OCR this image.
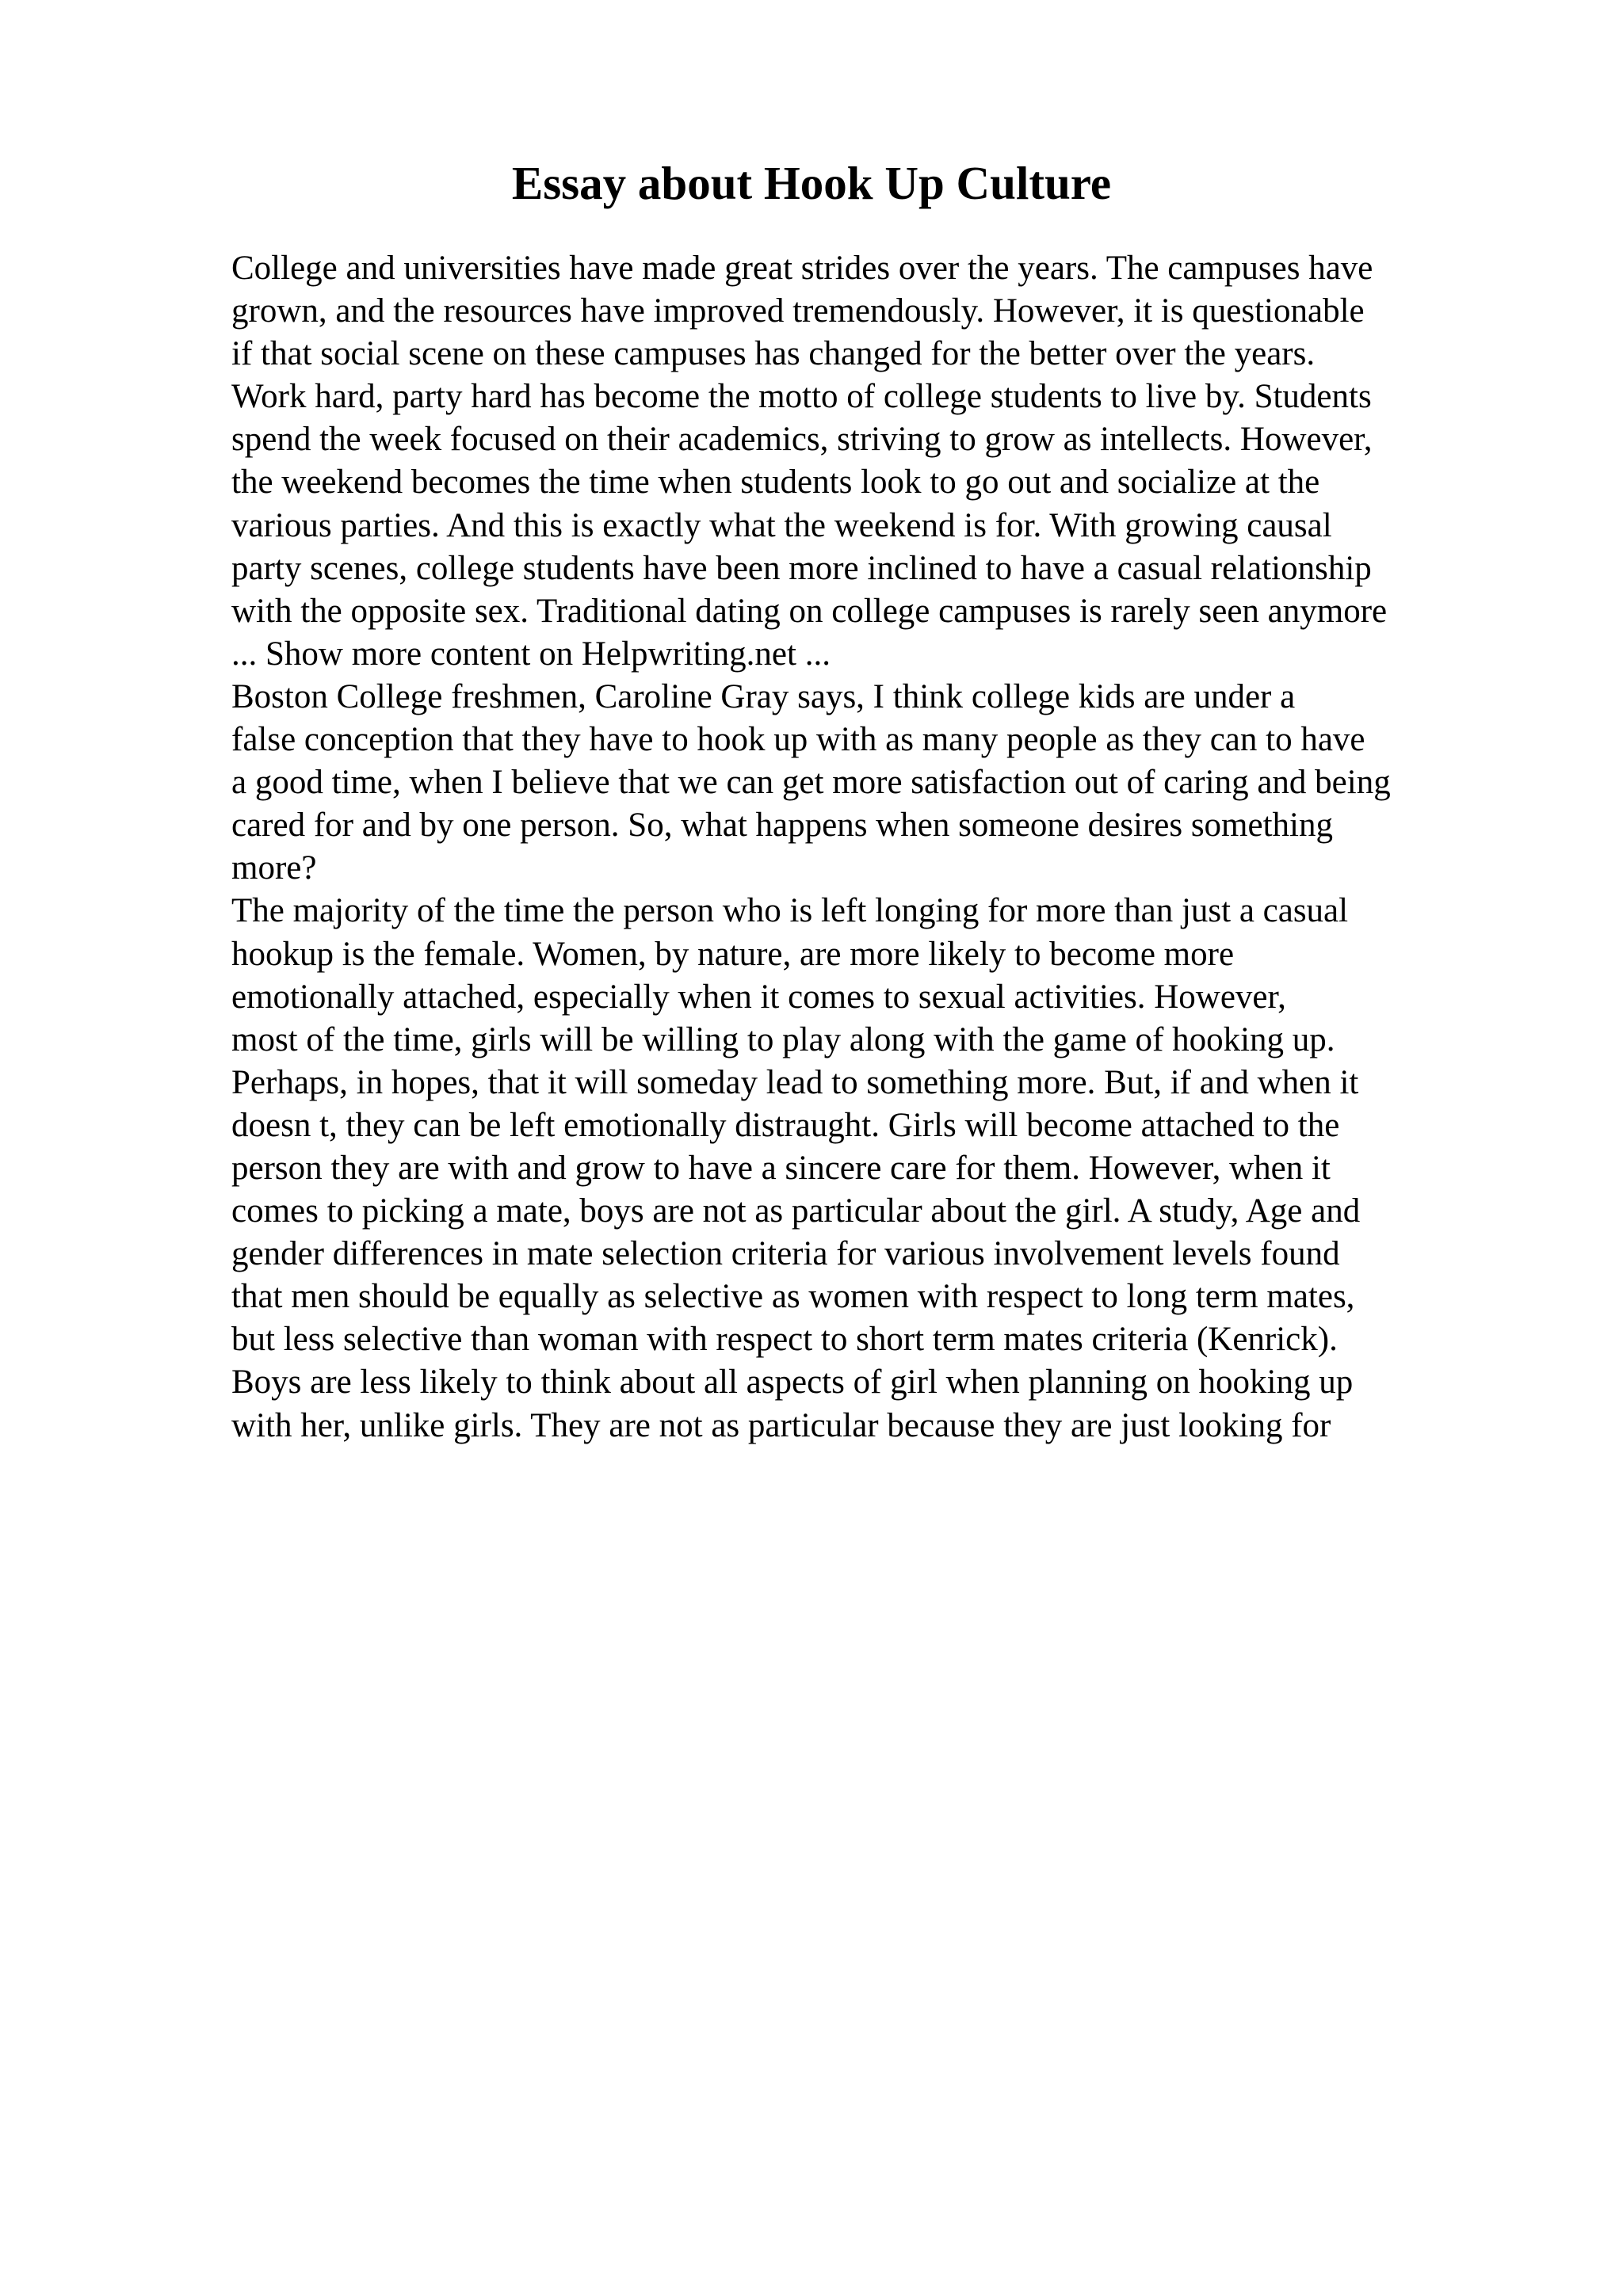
Essay about Hook Up Culture
College and universities have made great strides over the years. The campuses have
grown, and the resources have improved tremendously. However, it is questionable
if that social scene on these campuses has changed for the better over the years.
Work hard, party hard has become the motto of college students to live by. Students
spend the week focused on their academics, striving to grow as intellects. However,
the weekend becomes the time when students look to go out and socialize at the
various parties. And this is exactly what the weekend is for. With growing causal
party scenes, college students have been more inclined to have a casual relationship
with the opposite sex. Traditional dating on college campuses is rarely seen anymore
... Show more content on Helpwriting.net ...
Boston College freshmen, Caroline Gray says, I think college kids are under a
false conception that they have to hook up with as many people as they can to have
a good time, when I believe that we can get more satisfaction out of caring and being
cared for and by one person. So, what happens when someone desires something
more?
The majority of the time the person who is left longing for more than just a casual
hookup is the female. Women, by nature, are more likely to become more
emotionally attached, especially when it comes to sexual activities. However,
most of the time, girls will be willing to play along with the game of hooking up.
Perhaps, in hopes, that it will someday lead to something more. But, if and when it
doesn t, they can be left emotionally distraught. Girls will become attached to the
person they are with and grow to have a sincere care for them. However, when it
comes to picking a mate, boys are not as particular about the girl. A study, Age and
gender differences in mate selection criteria for various involvement levels found
that men should be equally as selective as women with respect to long term mates,
but less selective than woman with respect to short term mates criteria (Kenrick).
Boys are less likely to think about all aspects of girl when planning on hooking up
with her, unlike girls. They are not as particular because they are just looking for
